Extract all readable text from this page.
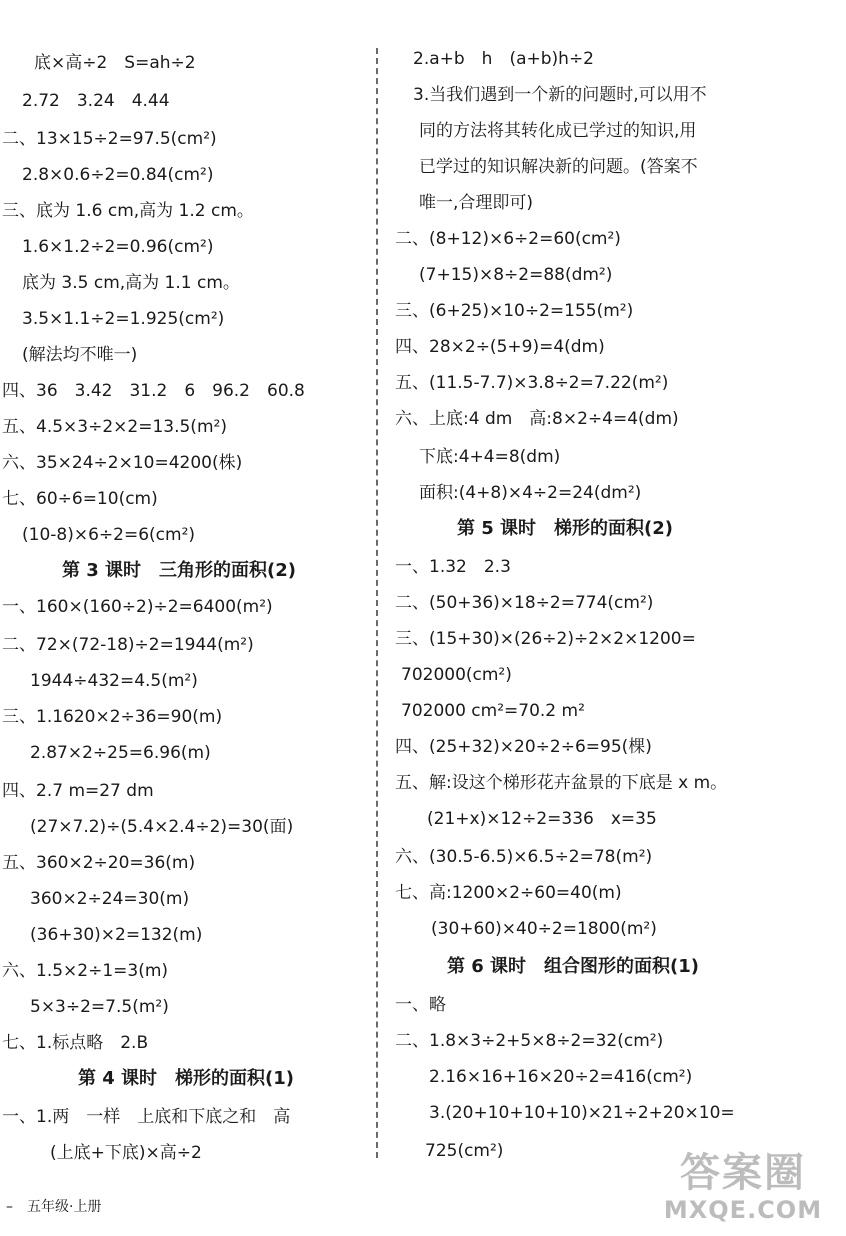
底×高÷2　S=ah÷2
2.72　3.24　4.44
二、13×15÷2=97.5(cm²)
2.8×0.6÷2=0.84(cm²)
三、底为 1.6 cm,高为 1.2 cm。
1.6×1.2÷2=0.96(cm²)
底为 3.5 cm,高为 1.1 cm。
3.5×1.1÷2=1.925(cm²)
(解法均不唯一)
四、36　3.42　31.2　6　96.2　60.8
五、4.5×3÷2×2=13.5(m²)
六、35×24÷2×10=4200(株)
七、60÷6=10(cm)
(10-8)×6÷2=6(cm²)
第 3 课时　三角形的面积(2)
一、160×(160÷2)÷2=6400(m²)
二、72×(72-18)÷2=1944(m²)
1944÷432=4.5(m²)
三、1.1620×2÷36=90(m)
2.87×2÷25=6.96(m)
四、2.7 m=27 dm
(27×7.2)÷(5.4×2.4÷2)=30(面)
五、360×2÷20=36(m)
360×2÷24=30(m)
(36+30)×2=132(m)
六、1.5×2÷1=3(m)
5×3÷2=7.5(m²)
七、1.标点略　2.B
第 4 课时　梯形的面积(1)
一、1.两　一样　上底和下底之和　高
(上底+下底)×高÷2
2.a+b　h　(a+b)h÷2
3.当我们遇到一个新的问题时,可以用不
同的方法将其转化成已学过的知识,用
已学过的知识解决新的问题。(答案不
唯一,合理即可)
二、(8+12)×6÷2=60(cm²)
(7+15)×8÷2=88(dm²)
三、(6+25)×10÷2=155(m²)
四、28×2÷(5+9)=4(dm)
五、(11.5-7.7)×3.8÷2=7.22(m²)
六、上底:4 dm　高:8×2÷4=4(dm)
下底:4+4=8(dm)
面积:(4+8)×4÷2=24(dm²)
第 5 课时　梯形的面积(2)
一、1.32　2.3
二、(50+36)×18÷2=774(cm²)
三、(15+30)×(26÷2)÷2×2×1200=
702000(cm²)
702000 cm²=70.2 m²
四、(25+32)×20÷2÷6=95(棵)
五、解:设这个梯形花卉盆景的下底是 x m。
(21+x)×12÷2=336　x=35
六、(30.5-6.5)×6.5÷2=78(m²)
七、高:1200×2÷60=40(m)
(30+60)×40÷2=1800(m²)
第 6 课时　组合图形的面积(1)
一、略
二、1.8×3÷2+5×8÷2=32(cm²)
2.16×16+16×20÷2=416(cm²)
3.(20+10+10+10)×21÷2+20×10=
725(cm²)
–　五年级·上册
答案圈
MXQE.COM
